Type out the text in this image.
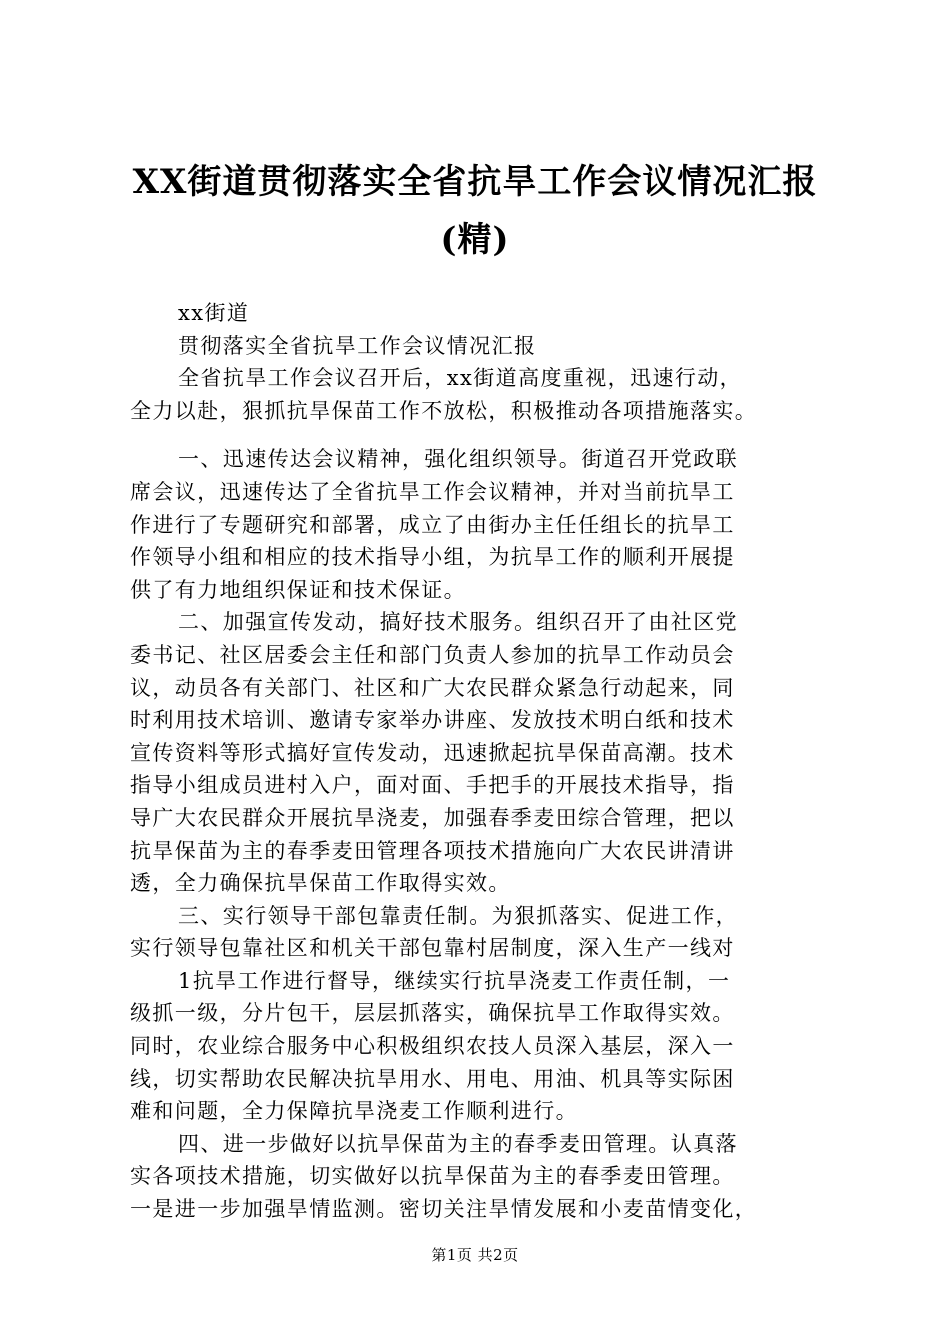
XX街道贯彻落实全省抗旱工作会议情况汇报
(精)
xx街道
贯彻落实全省抗旱工作会议情况汇报
全省抗旱工作会议召开后，xx街道高度重视，迅速行动，
全力以赴，狠抓抗旱保苗工作不放松，积极推动各项措施落实。
一、迅速传达会议精神，强化组织领导。街道召开党政联
席会议，迅速传达了全省抗旱工作会议精神，并对当前抗旱工
作进行了专题研究和部署，成立了由街办主任任组长的抗旱工
作领导小组和相应的技术指导小组，为抗旱工作的顺利开展提
供了有力地组织保证和技术保证。
二、加强宣传发动，搞好技术服务。组织召开了由社区党
委书记、社区居委会主任和部门负责人参加的抗旱工作动员会
议，动员各有关部门、社区和广大农民群众紧急行动起来，同
时利用技术培训、邀请专家举办讲座、发放技术明白纸和技术
宣传资料等形式搞好宣传发动，迅速掀起抗旱保苗高潮。技术
指导小组成员进村入户，面对面、手把手的开展技术指导，指
导广大农民群众开展抗旱浇麦，加强春季麦田综合管理，把以
抗旱保苗为主的春季麦田管理各项技术措施向广大农民讲清讲
透，全力确保抗旱保苗工作取得实效。
三、实行领导干部包靠责任制。为狠抓落实、促进工作，
实行领导包靠社区和机关干部包靠村居制度，深入生产一线对
1抗旱工作进行督导，继续实行抗旱浇麦工作责任制，一
级抓一级，分片包干，层层抓落实，确保抗旱工作取得实效。
同时，农业综合服务中心积极组织农技人员深入基层，深入一
线，切实帮助农民解决抗旱用水、用电、用油、机具等实际困
难和问题，全力保障抗旱浇麦工作顺利进行。
四、进一步做好以抗旱保苗为主的春季麦田管理。认真落
实各项技术措施，切实做好以抗旱保苗为主的春季麦田管理。
一是进一步加强旱情监测。密切关注旱情发展和小麦苗情变化，
第1页 共2页
